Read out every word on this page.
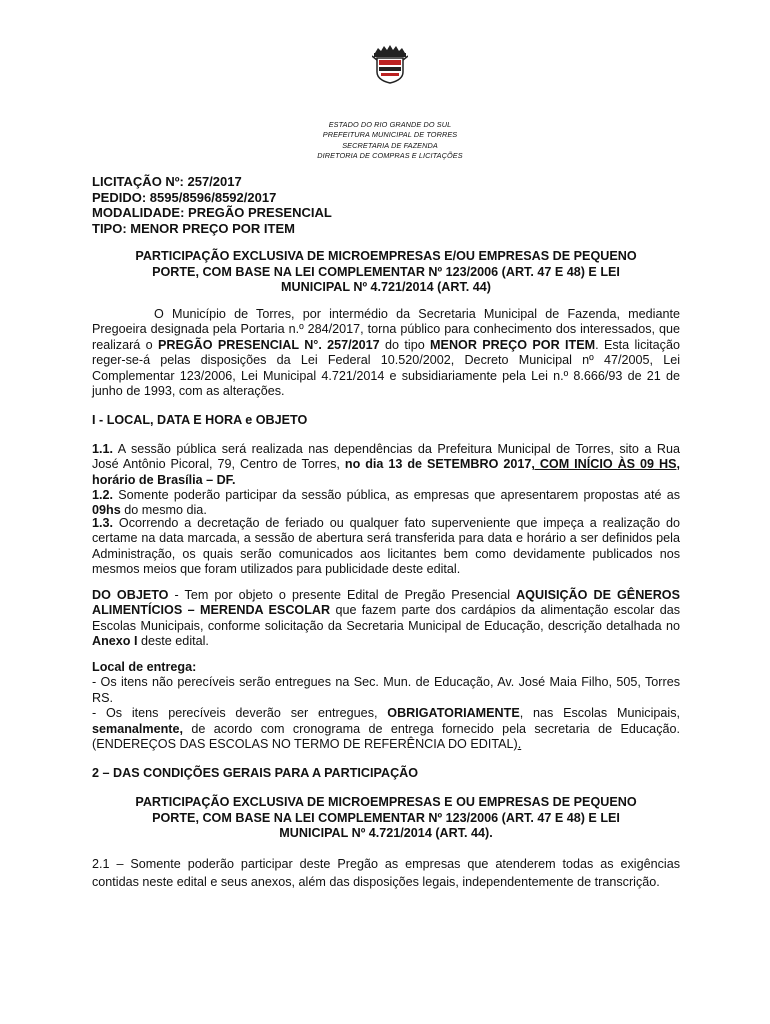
ESTADO DO RIO GRANDE DO SUL
PREFEITURA MUNICIPAL DE TORRES
SECRETARIA DE FAZENDA
DIRETORIA DE COMPRAS E LICITAÇÕES
LICITAÇÃO Nº: 257/2017
PEDIDO: 8595/8596/8592/2017
MODALIDADE: PREGÃO PRESENCIAL
TIPO: MENOR PREÇO POR ITEM
PARTICIPAÇÃO EXCLUSIVA DE MICROEMPRESAS E/OU EMPRESAS DE PEQUENO
PORTE, COM BASE NA LEI COMPLEMENTAR Nº 123/2006 (ART. 47 E 48) E LEI
MUNICIPAL Nº 4.721/2014 (ART. 44)
O Município de Torres, por intermédio da Secretaria Municipal de Fazenda, mediante Pregoeira designada pela Portaria n.º 284/2017, torna público para conhecimento dos interessados, que realizará o PREGÃO PRESENCIAL N°. 257/2017 do tipo MENOR PREÇO POR ITEM. Esta licitação reger-se-á pelas disposições da Lei Federal 10.520/2002, Decreto Municipal nº 47/2005, Lei Complementar 123/2006, Lei Municipal 4.721/2014 e subsidiariamente pela Lei n.º 8.666/93 de 21 de junho de 1993, com as alterações.
I - LOCAL, DATA E HORA e OBJETO
1.1. A sessão pública será realizada nas dependências da Prefeitura Municipal de Torres, sito a Rua José Antônio Picoral, 79, Centro de Torres, no dia 13 de SETEMBRO 2017, COM INÍCIO ÀS 09 HS, horário de Brasília – DF.
1.2. Somente poderão participar da sessão pública, as empresas que apresentarem propostas até as 09hs do mesmo dia.
1.3. Ocorrendo a decretação de feriado ou qualquer fato superveniente que impeça a realização do certame na data marcada, a sessão de abertura será transferida para data e horário a ser definidos pela Administração, os quais serão comunicados aos licitantes bem como devidamente publicados nos mesmos meios que foram utilizados para publicidade deste edital.
DO OBJETO - Tem por objeto o presente Edital de Pregão Presencial AQUISIÇÃO DE GÊNEROS ALIMENTÍCIOS – MERENDA ESCOLAR que fazem parte dos cardápios da alimentação escolar das Escolas Municipais, conforme solicitação da Secretaria Municipal de Educação, descrição detalhada no Anexo I deste edital.
Local de entrega:
- Os itens não perecíveis serão entregues na Sec. Mun. de Educação, Av. José Maia Filho, 505, Torres RS.
- Os itens perecíveis deverão ser entregues, OBRIGATORIAMENTE, nas Escolas Municipais, semanalmente, de acordo com cronograma de entrega fornecido pela secretaria de Educação. (ENDEREÇOS DAS ESCOLAS NO TERMO DE REFERÊNCIA DO EDITAL).
2 – DAS CONDIÇÕES GERAIS PARA A PARTICIPAÇÃO
PARTICIPAÇÃO EXCLUSIVA DE MICROEMPRESAS E OU EMPRESAS DE PEQUENO
PORTE, COM BASE NA LEI COMPLEMENTAR Nº 123/2006 (ART. 47 E 48) E LEI
MUNICIPAL Nº 4.721/2014 (ART. 44).
2.1 – Somente poderão participar deste Pregão as empresas que atenderem todas as exigências contidas neste edital e seus anexos, além das disposições legais, independentemente de transcrição.
